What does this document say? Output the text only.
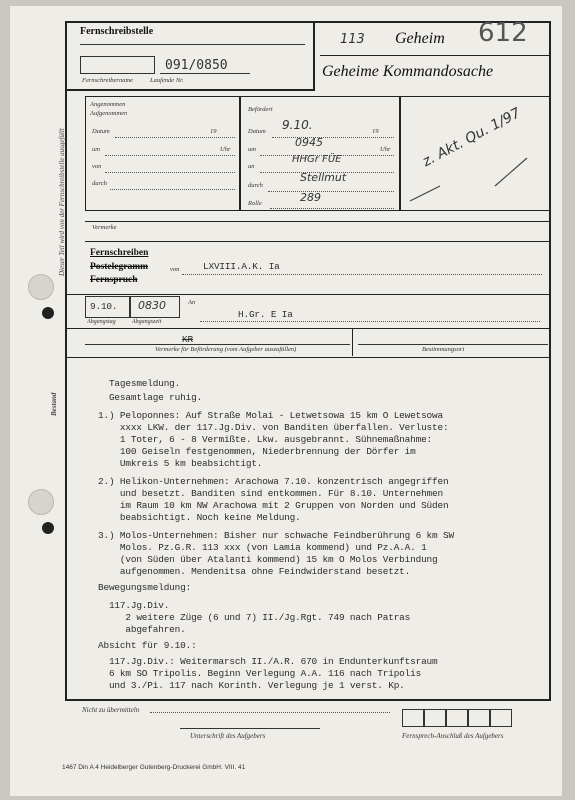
Dieser Teil wird von der Fernschreibstelle ausgefüllt
Bestand
Fernschreibstelle
091/0850
Fernschreibername	Laufende Nr.
113 Geheim 612
Geheime Kommandosache
Angenommen
Aufgenommen
Datum	19
um	Uhr
von
durch
Befördert
Datum 9.10.	19
um
0945
Uhr
an
HHGr FÜE
durch
Stellmut
Rolle	289
z. Akt. Qu. 1/97
Vermerke
Fernschreiben
Postelegramm
Fernspruch
von	LXVIII.A.K. Ia
9.10. 0830
Abgangstag	Abgangszeit
An
H.Gr. E Ia
KR
Vermerke für Beförderung (vom Aufgeber auszufüllen)	Bestimmungsort
Tagesmeldung.
Gesamtlage ruhig.
1.) Peloponnes: Auf Straße Molai - Letwetsowa 15 km O Lewetsowa
xxxx LKW. der 117.Jg.Div. von Banditen überfallen. Verluste:
1 Toter, 6 - 8 Vermißte. Lkw. ausgebrannt. Sühnemaßnahme:
100 Geiseln festgenommen, Niederbrennung der Dörfer im
Umkreis 5 km beabsichtigt.
2.) Helikon-Unternehmen: Arachowa 7.10. konzentrisch angegriffen
und besetzt. Banditen sind entkommen. Für 8.10. Unternehmen
im Raum 10 km NW Arachowa mit 2 Gruppen von Norden und Süden
beabsichtigt. Noch keine Meldung.
3.) Molos-Unternehmen: Bisher nur schwache Feindberührung 6 km SW
Molos. Pz.G.R. 113 xxx (von Lamia kommend) und Pz.A.A. 1
(von Süden über Atalanti kommend) 15 km O Molos Verbindung
aufgenommen. Mendenitsa ohne Feindwiderstand besetzt.
Bewegungsmeldung:
117.Jg.Div.
2 weitere Züge (6 und 7) II./Jg.Rgt. 749 nach Patras
abgefahren.
Absicht für 9.10.:
117.Jg.Div.: Weitermarsch II./A.R. 670 in Endunterkunftsraum
6 km SO Tripolis. Beginn Verlegung A.A. 116 nach Tripolis
und 3./Pi. 117 nach Korinth. Verlegung je 1 verst. Kp.
Nicht zu übermitteln
Unterschrift des Aufgebers	Fernsprech-Anschluß des Aufgebers
1467 Din A 4 Heidelberger Gutenberg-Druckerei GmbH. VIII. 41
